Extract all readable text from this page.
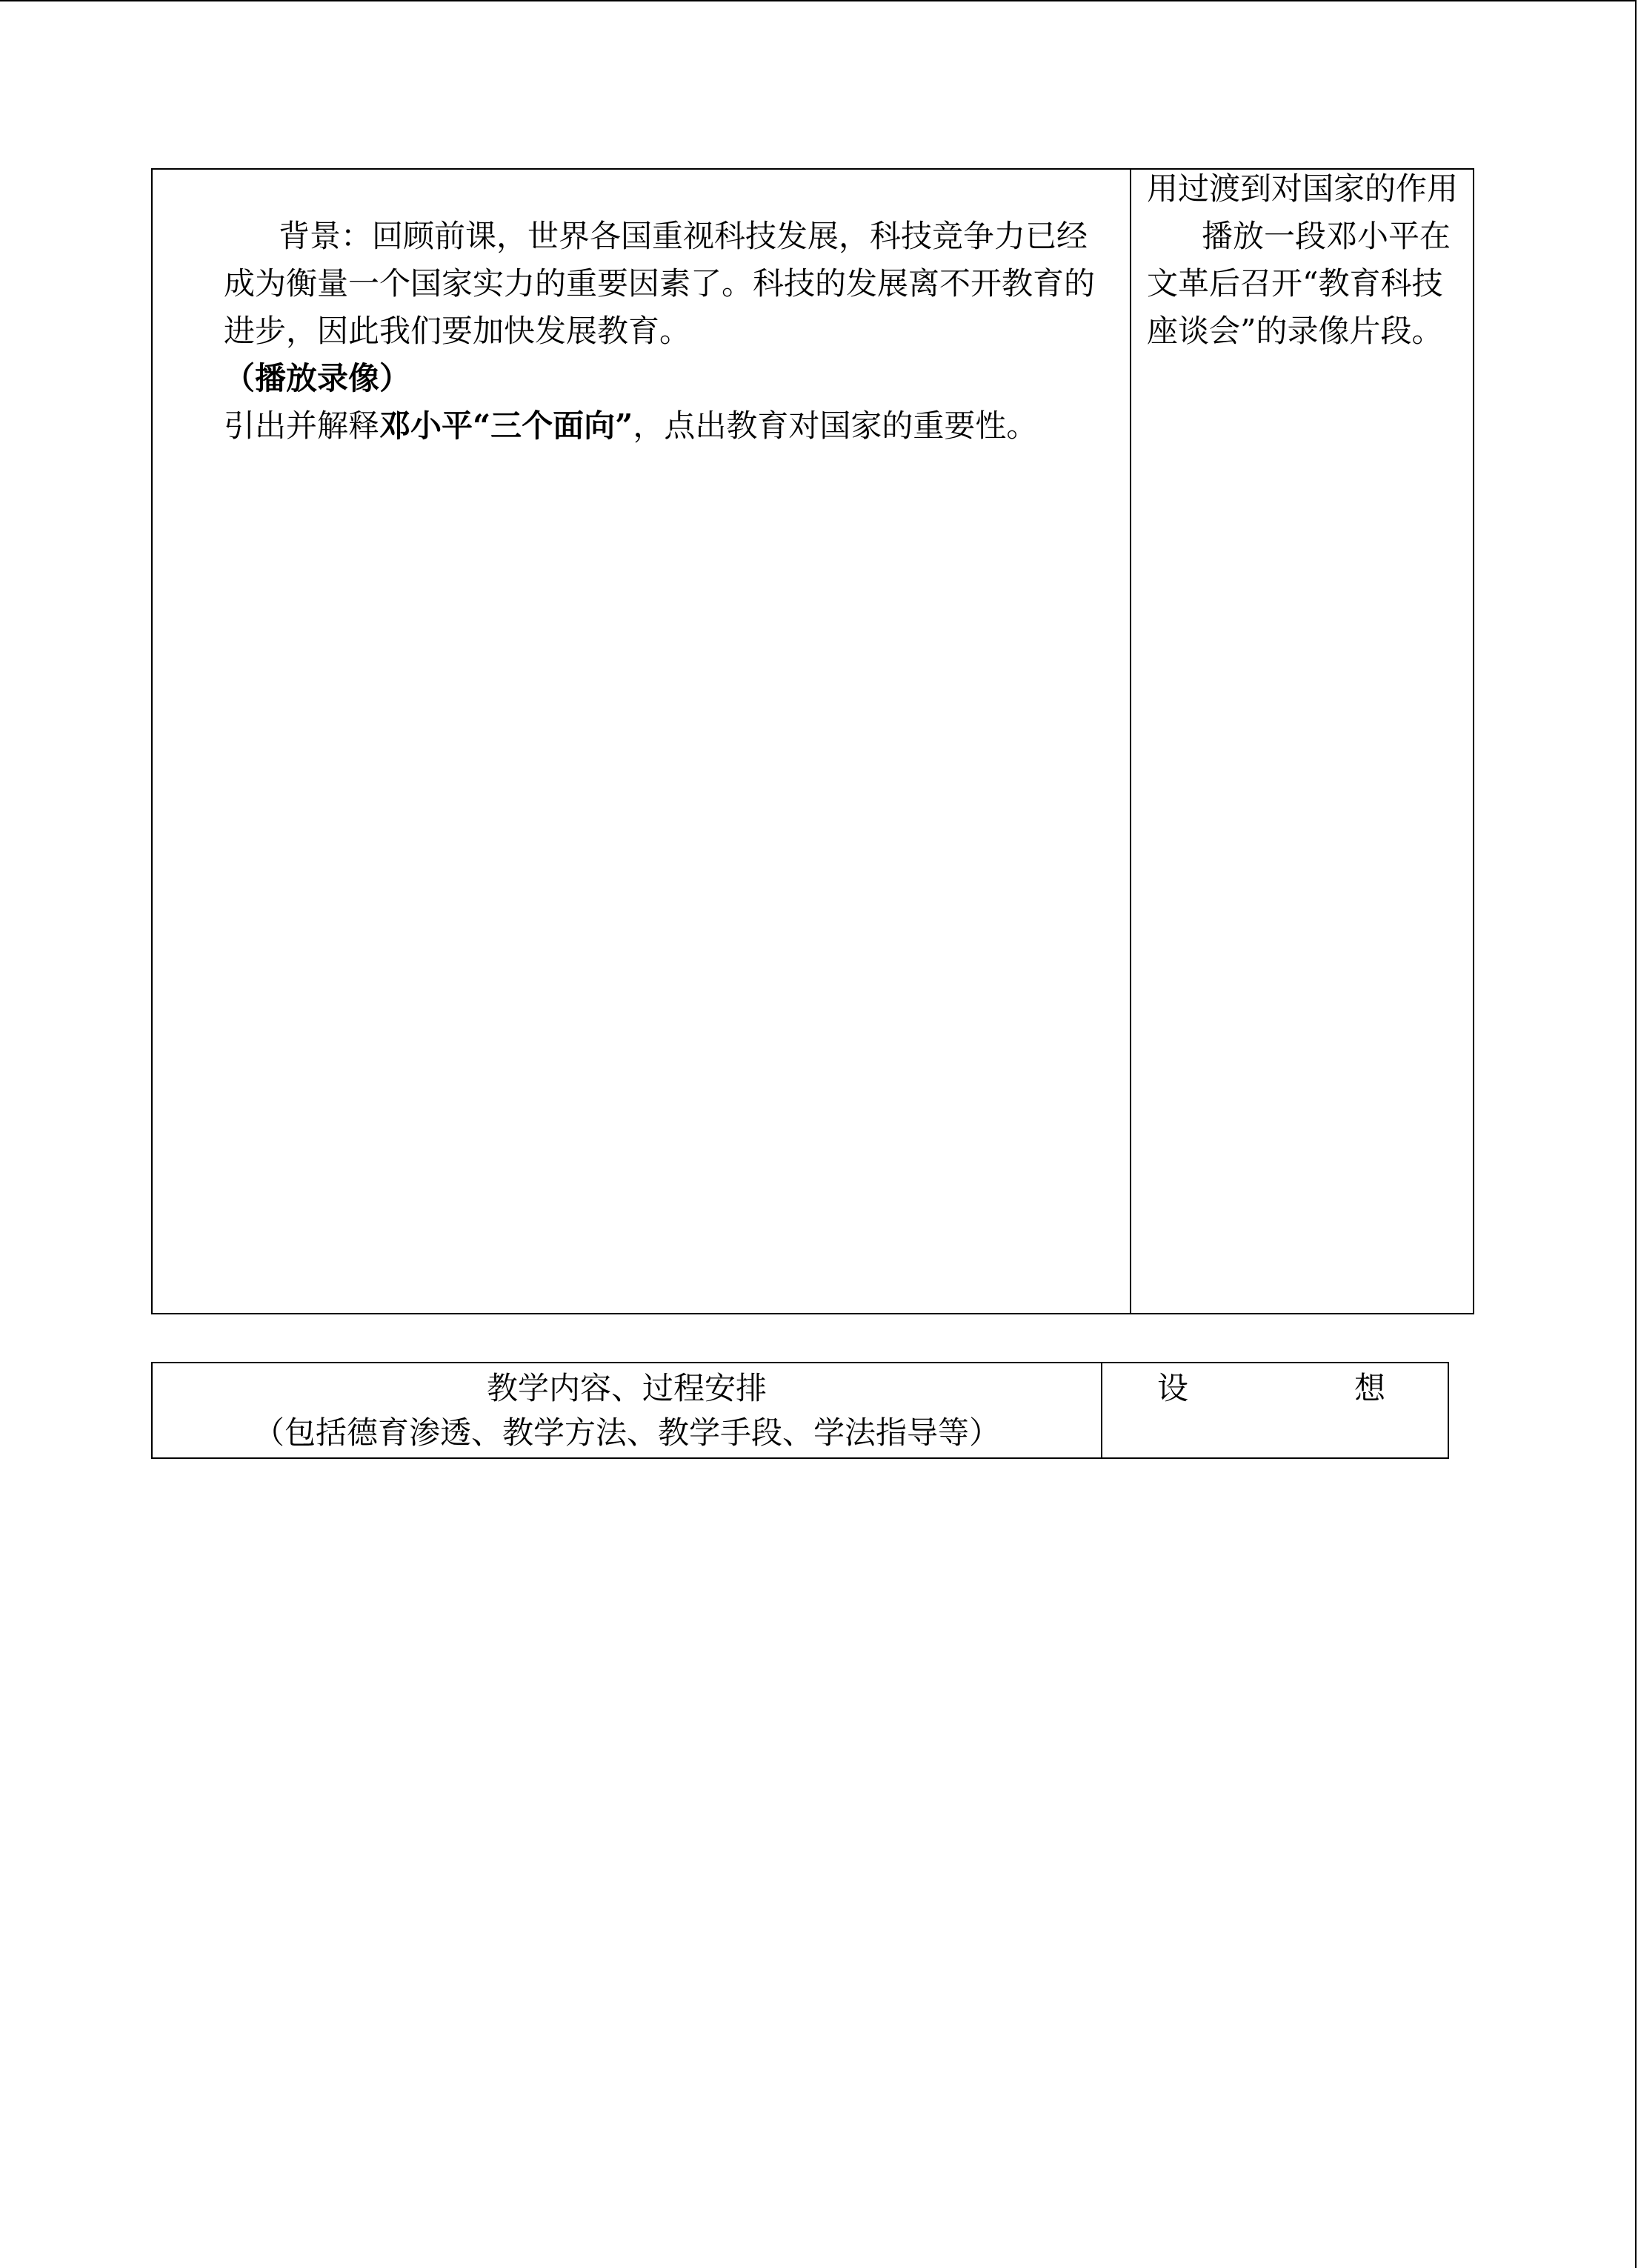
背景：回顾前课，世界各国重视科技发展，科技竞争力已经成为衡量一个国家实力的重要因素了。科技的发展离不开教育的进步，因此我们要加快发展教育。

（播放录像）

引出并解释邓小平“三个面向”，点出教育对国家的重要性。

用过渡到对国家的作用

播放一段邓小平在文革后召开“教育科技座谈会”的录像片段。

教学内容、过程安排
（包括德育渗透、教学方法、教学手段、学法指导等）
设	想
